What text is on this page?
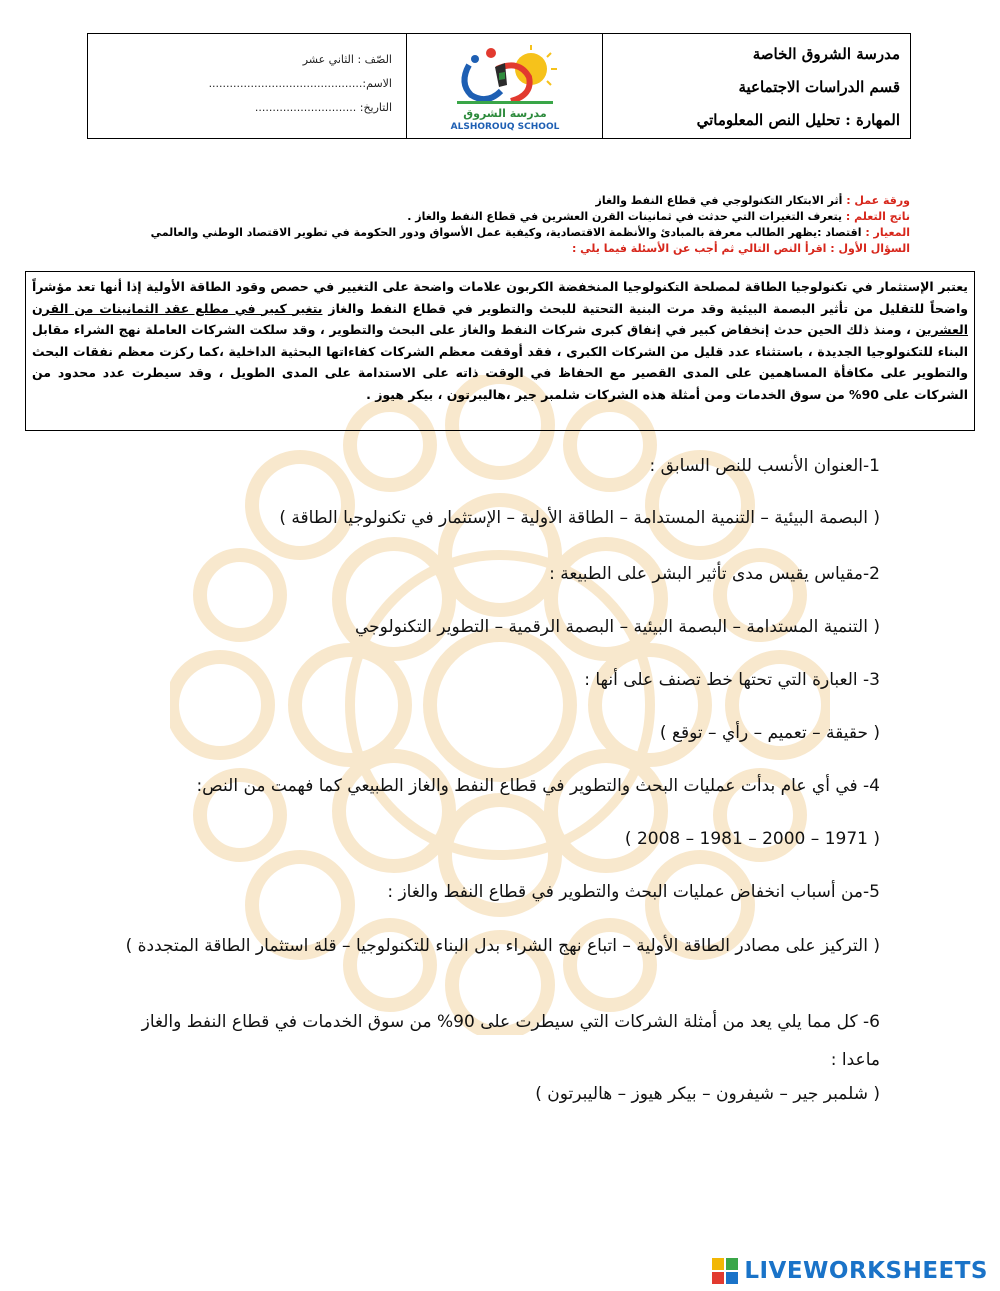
مدرسة الشروق الخاصة
قسم الدراسات الاجتماعية
المهارة : تحليل النص المعلوماتي
مدرسة الشروق
ALSHOROUQ SCHOOL
الصّف : الثاني عشر
الاسم:............................................
التاريخ: .............................
ورقة عمل : أثر الابتكار التكنولوجي في قطاع النفط والغاز
ناتج التعلم : يتعرف التغيرات التي حدثت في ثمانينات القرن العشرين في قطاع النفط والغاز .
المعيار : اقتصاد :يظهر الطالب معرفة بالمبادئ والأنظمة الاقتصادية، وكيفية عمل الأسواق ودور الحكومة في تطوير الاقتصاد الوطني والعالمي
السؤال الأول : اقرأ النص التالي ثم أجب عن الأسئلة فيما يلي :
يعتبر الإستثمار في تكنولوجيا الطاقة لمصلحة التكنولوجيا المنخفضة الكربون علامات واضحة على التغيير في حصص وقود الطاقة الأولية إذا أنها تعد مؤشراً واضحاً للتقليل من تأثير البصمة البيئية وقد مرت البنية التحتية للبحث والتطوير في قطاع النفط والغاز بتغير كبير في مطلع عقد الثمانينات من القرن العشرين ، ومنذ ذلك الحين حدث إنخفاض كبير في إنفاق كبرى شركات النفط والغاز على البحث والتطوير ، وقد سلكت الشركات العاملة نهج الشراء مقابل البناء للتكنولوجيا الجديدة ، باستثناء عدد قليل من الشركات الكبرى ، فقد أوقفت معظم الشركات كفاءاتها البحثية الداخلية ،كما ركزت معظم نفقات البحث والتطوير على مكافأة المساهمين على المدى القصير مع الحفاظ في الوقت ذاته على الاستدامة على المدى الطويل ، وقد سيطرت عدد محدود من الشركات على 90% من سوق الخدمات ومن أمثلة هذه الشركات شلمبر جير ،هاليبرتون ، بيكر هيوز .
1-العنوان الأنسب للنص السابق :
( البصمة البيئية – التنمية المستدامة – الطاقة الأولية – الإستثمار في تكنولوجيا الطاقة )
2-مقياس يقيس مدى تأثير البشر على الطبيعة :
( التنمية المستدامة – البصمة البيئية – البصمة الرقمية – التطوير التكنولوجي
3- العبارة التي تحتها خط تصنف على أنها :
( حقيقة – تعميم – رأي – توقع )
4- في أي عام بدأت عمليات البحث والتطوير في قطاع النفط والغاز الطبيعي كما فهمت من النص:
( 1971 – 2000 – 1981 – 2008 )
5-من أسباب انخفاض عمليات البحث والتطوير في قطاع النفط والغاز :
( التركيز على مصادر الطاقة الأولية – اتباع نهج الشراء بدل البناء للتكنولوجيا – قلة استثمار الطاقة المتجددة )
6- كل مما يلي يعد من أمثلة الشركات التي سيطرت على 90% من سوق الخدمات في قطاع النفط والغاز ماعدا :
( شلمبر جير – شيفرون – بيكر هيوز – هاليبرتون )
LIVEWORKSHEETS
